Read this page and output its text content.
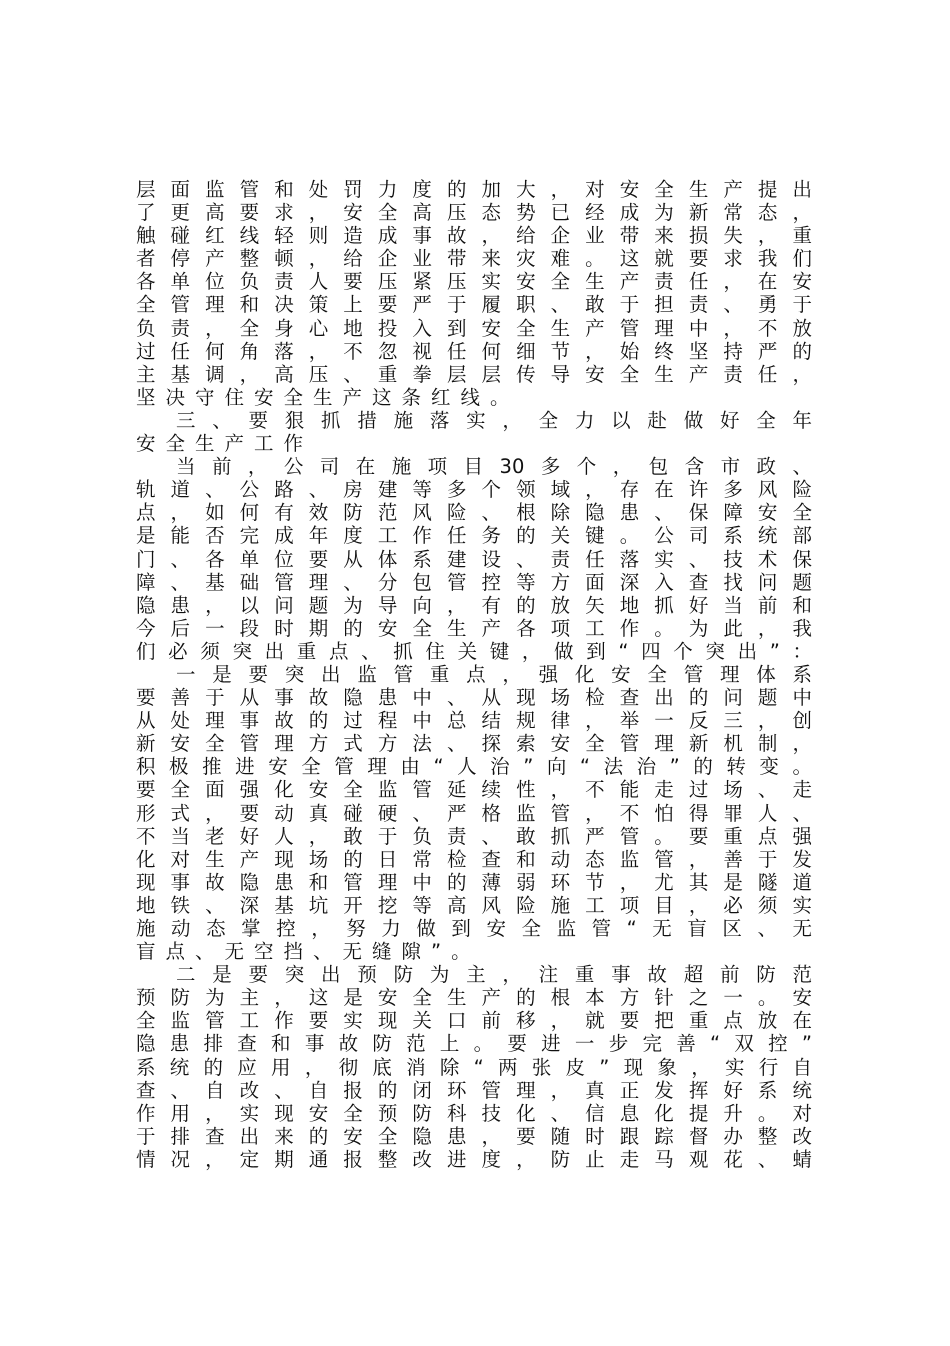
层面监管和处罚力度的加大，对安全生产提出
了更高要求，安全高压态势已经成为新常态，
触碰红线轻则造成事故，给企业带来损失，重
者停产整顿，给企业带来灾难。这就要求我们
各单位负责人要压紧压实安全生产责任，在安
全管理和决策上要严于履职、敢于担责、勇于
负责，全身心地投入到安全生产管理中，不放
过任何角落，不忽视任何细节，始终坚持严的
主基调，高压、重拳层层传导安全生产责任，
坚决守住安全生产这条红线。
三、要狠抓措施落实，全力以赴做好全年
安全生产工作
当前，公司在施项目30多个，包含市政、
轨道、公路、房建等多个领域，存在许多风险
点，如何有效防范风险、根除隐患、保障安全
是能否完成年度工作任务的关键。公司系统部
门、各单位要从体系建设、责任落实、技术保
障、基础管理、分包管控等方面深入查找问题
隐患，以问题为导向，有的放矢地抓好当前和
今后一段时期的安全生产各项工作。为此，我
们必须突出重点、抓住关键，做到“四个突出”：
一是要突出监管重点，强化安全管理体系
要善于从事故隐患中、从现场检查出的问题中
从处理事故的过程中总结规律，举一反三，创
新安全管理方式方法、探索安全管理新机制，
积极推进安全管理由“人治”向“法治”的转变。
要全面强化安全监管延续性，不能走过场、走
形式，要动真碰硬、严格监管，不怕得罪人、
不当老好人，敢于负责、敢抓严管。要重点强
化对生产现场的日常检查和动态监管，善于发
现事故隐患和管理中的薄弱环节，尤其是隧道
地铁、深基坑开挖等高风险施工项目，必须实
施动态掌控，努力做到安全监管“无盲区、无
盲点、无空挡、无缝隙”。
二是要突出预防为主，注重事故超前防范
预防为主，这是安全生产的根本方针之一。安
全监管工作要实现关口前移，就要把重点放在
隐患排查和事故防范上。要进一步完善“双控”
系统的应用，彻底消除“两张皮”现象，实行自
查、自改、自报的闭环管理，真正发挥好系统
作用，实现安全预防科技化、信息化提升。对
于排查出来的安全隐患，要随时跟踪督办整改
情况，定期通报整改进度，防止走马观花、蜻
